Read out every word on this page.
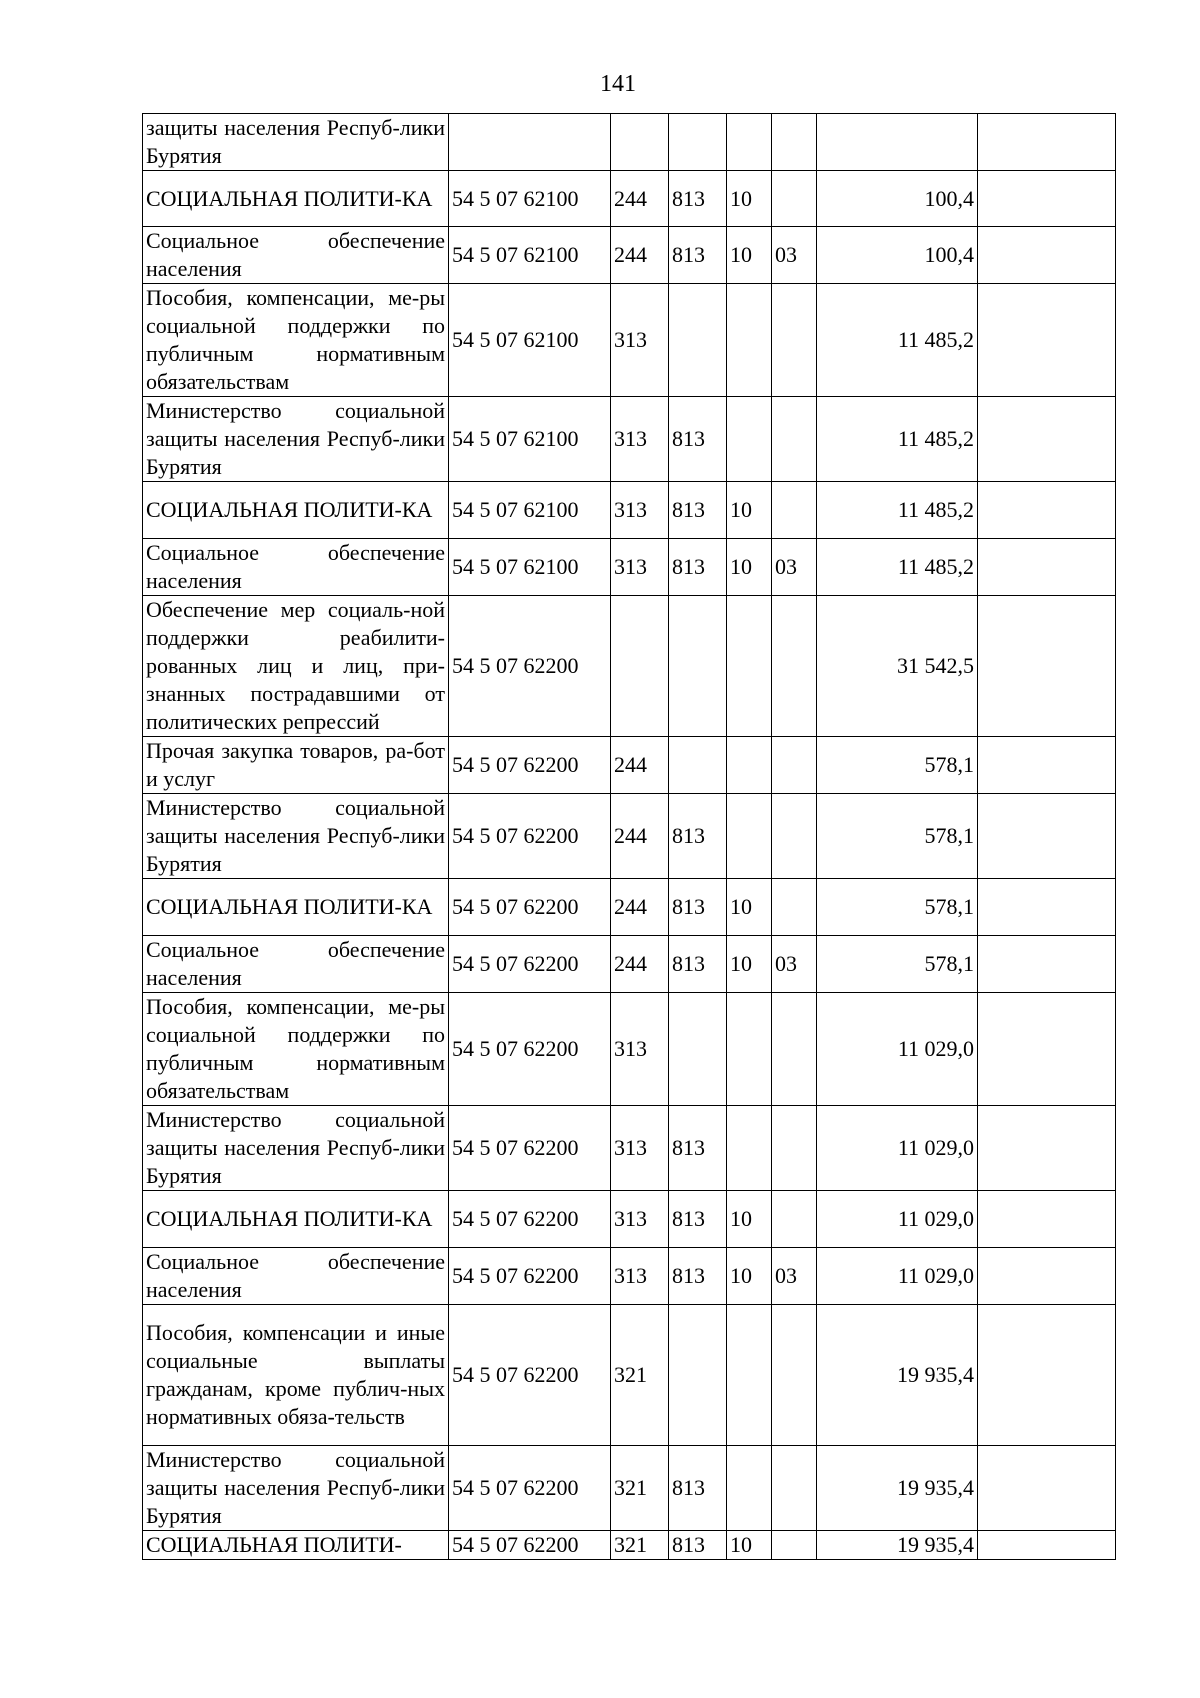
141
защиты населения Респуб-лики Бурятия							
СОЦИАЛЬНАЯ ПОЛИТИ-КА	54 5 07 62100	244	813	10		100,4	
Социальное обеспечение населения	54 5 07 62100	244	813	10	03	100,4	
Пособия, компенсации, ме-ры социальной поддержки по публичным нормативным обязательствам	54 5 07 62100	313				11 485,2	
Министерство социальной защиты населения Респуб-лики Бурятия	54 5 07 62100	313	813			11 485,2	
СОЦИАЛЬНАЯ ПОЛИТИ-КА	54 5 07 62100	313	813	10		11 485,2	
Социальное обеспечение населения	54 5 07 62100	313	813	10	03	11 485,2	
Обеспечение мер социаль-ной поддержки реабилити-рованных лиц и лиц, при-знанных пострадавшими от политических репрессий	54 5 07 62200					31 542,5	
Прочая закупка товаров, ра-бот и услуг	54 5 07 62200	244				578,1	
Министерство социальной защиты населения Респуб-лики Бурятия	54 5 07 62200	244	813			578,1	
СОЦИАЛЬНАЯ ПОЛИТИ-КА	54 5 07 62200	244	813	10		578,1	
Социальное обеспечение населения	54 5 07 62200	244	813	10	03	578,1	
Пособия, компенсации, ме-ры социальной поддержки по публичным нормативным обязательствам	54 5 07 62200	313				11 029,0	
Министерство социальной защиты населения Респуб-лики Бурятия	54 5 07 62200	313	813			11 029,0	
СОЦИАЛЬНАЯ ПОЛИТИ-КА	54 5 07 62200	313	813	10		11 029,0	
Социальное обеспечение населения	54 5 07 62200	313	813	10	03	11 029,0	
Пособия, компенсации и иные социальные выплаты гражданам, кроме публич-ных нормативных обяза-тельств	54 5 07 62200	321				19 935,4	
Министерство социальной защиты населения Респуб-лики Бурятия	54 5 07 62200	321	813			19 935,4	
СОЦИАЛЬНАЯ ПОЛИТИ-	54 5 07 62200	321	813	10		19 935,4	
